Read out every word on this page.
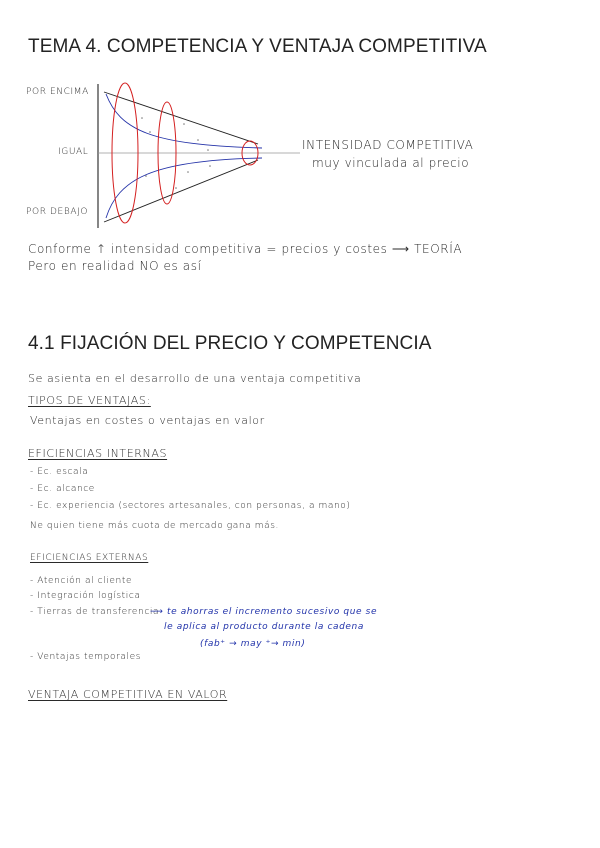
TEMA 4. COMPETENCIA Y VENTAJA COMPETITIVA
POR ENCIMA
IGUAL
POR DEBAJO
INTENSIDAD COMPETITIVA
muy vinculada al precio
Conforme ↑ intensidad competitiva = precios y costes ⟶ TEORÍA
Pero en realidad NO es así
4.1 FIJACIÓN DEL PRECIO Y COMPETENCIA
Se asienta en el desarrollo de una ventaja competitiva
TIPOS DE VENTAJAS:
Ventajas en costes o ventajas en valor
EFICIENCIAS INTERNAS
- Ec. escala
- Ec. alcance
- Ec. experiencia (sectores artesanales, con personas, a mano)
Ne quien tiene más cuota de mercado gana más.
EFICIENCIAS EXTERNAS
- Atención al cliente
- Integración logística
- Tierras de transferencia
⟶ te ahorras el incremento sucesivo que se
le aplica al producto durante la cadena
(fab⁺ → may ⁺→ min)
- Ventajas temporales
VENTAJA COMPETITIVA EN VALOR
